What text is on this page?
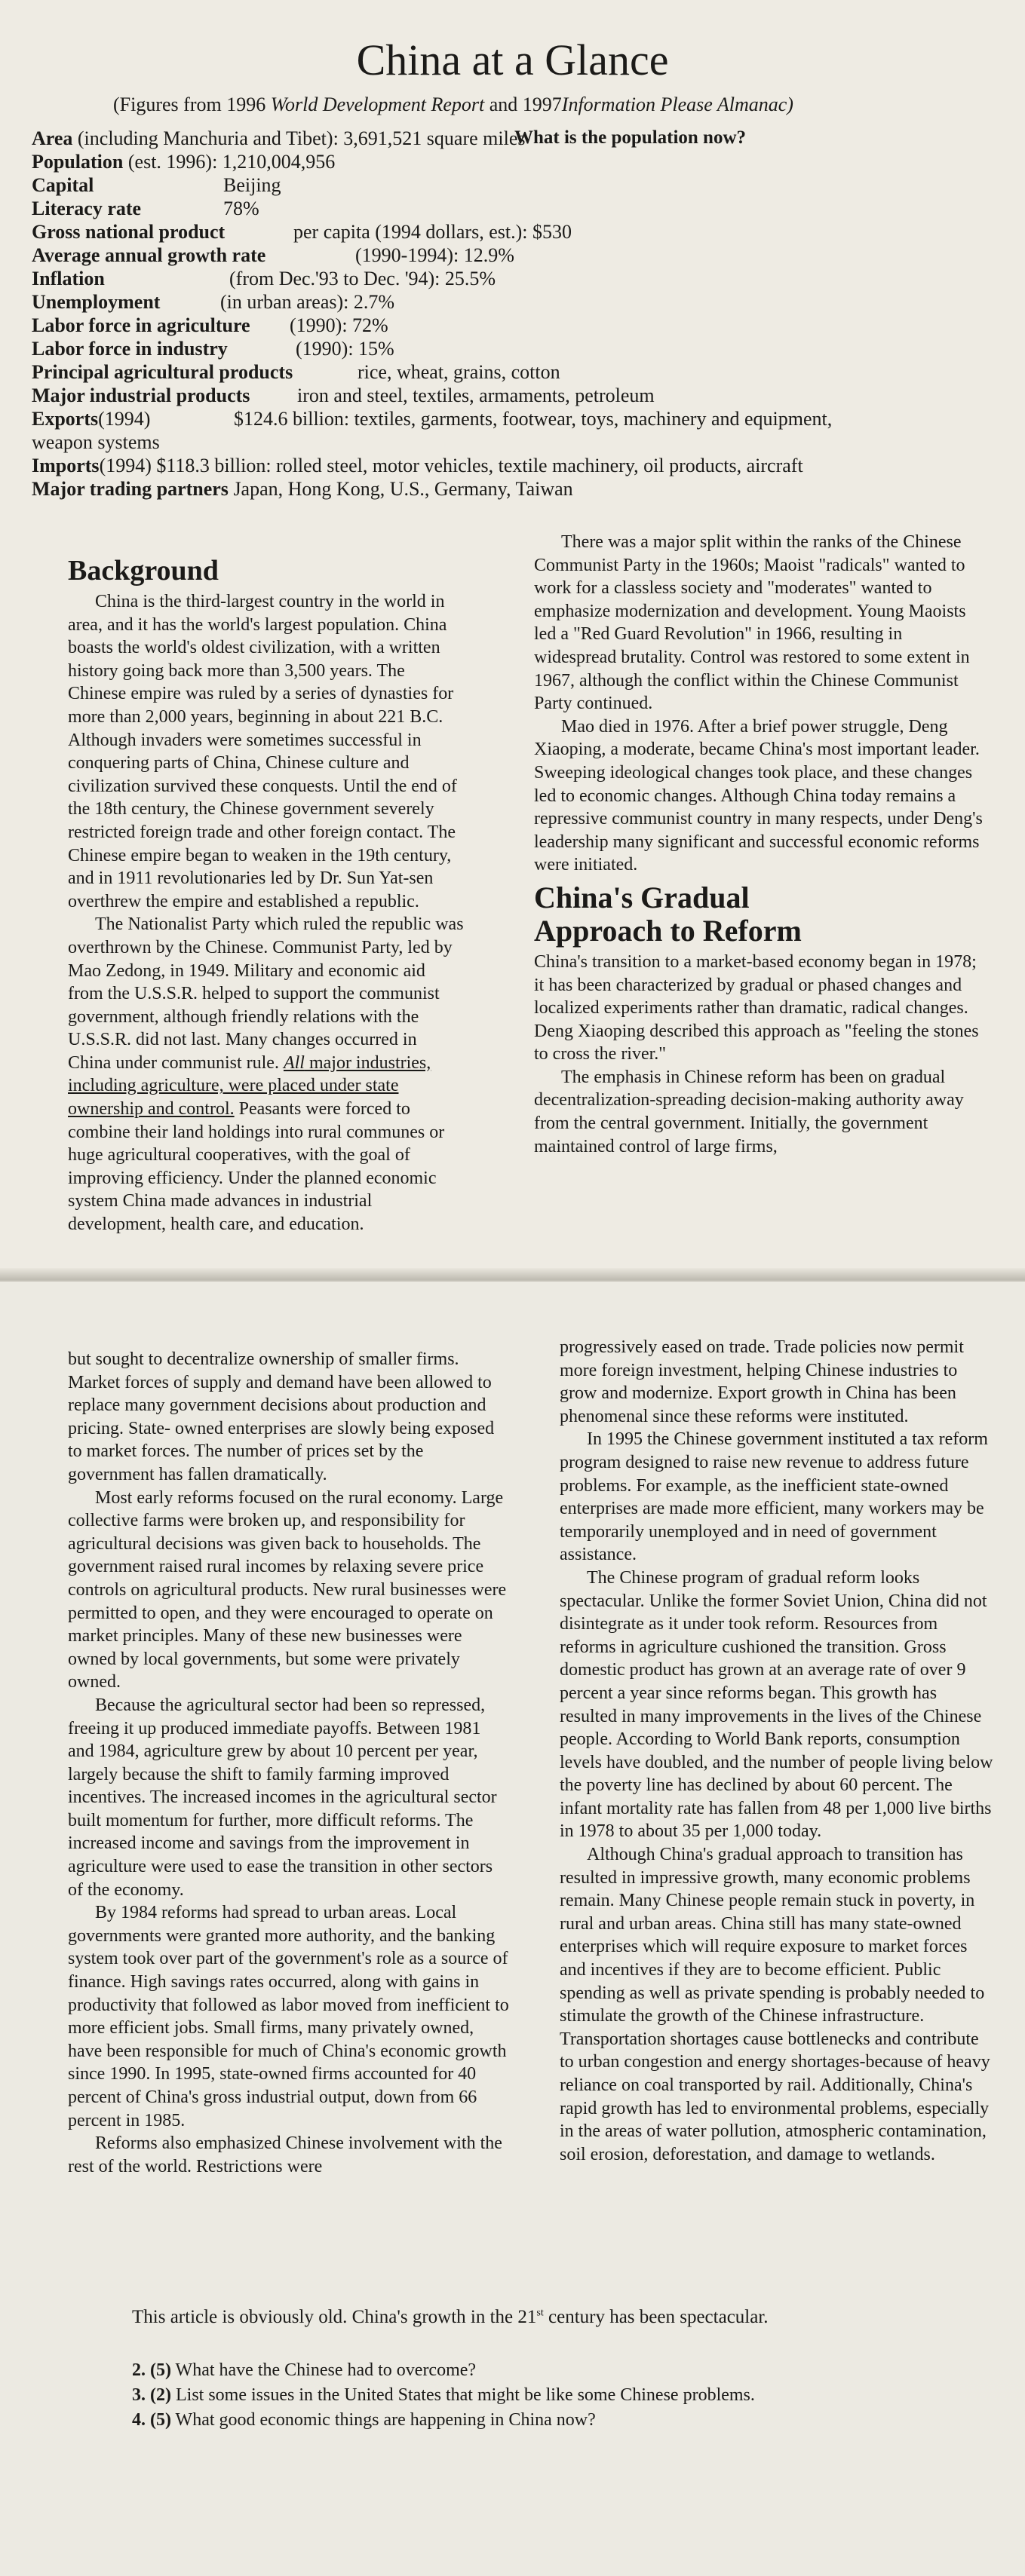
China at a Glance

(Figures from 1996 World Development Report and 1997Information Please Almanac)

Area (including Manchuria and Tibet): 3,691,521 square miles
Population (est. 1996): 1,210,004,956
What is the population now?
Capital	Beijing
Literacy rate	78%
Gross national product	per capita (1994 dollars, est.): $530
Average annual growth rate	(1990-1994): 12.9%
Inflation	(from Dec.'93 to Dec. '94): 25.5%
Unemployment	(in urban areas): 2.7%
Labor force in agriculture (1990): 72%
Labor force in industry	(1990): 15%
Principal agricultural products	rice, wheat, grains, cotton
Major industrial products iron and steel, textiles, armaments, petroleum
Exports(1994)	$124.6 billion: textiles, garments, footwear, toys, machinery and equipment,
weapon systems
Imports(1994) $118.3 billion: rolled steel, motor vehicles, textile machinery, oil products, aircraft
Major trading partners Japan, Hong Kong, U.S., Germany, Taiwan
Background

China is the third-largest country in the world in area, and it has the world's largest population. China boasts the world's oldest civilization, with a written history going back more than 3,500 years. The Chinese empire was ruled by a series of dynasties for more than 2,000 years, beginning in about 221 B.C. Although invaders were sometimes successful in conquering parts of China, Chinese culture and civilization survived these conquests. Until the end of the 18th century, the Chinese government severely restricted foreign trade and other foreign contact. The Chinese empire began to weaken in the 19th century, and in 1911 revolutionaries led by Dr. Sun Yat-sen overthrew the empire and established a republic.

The Nationalist Party which ruled the republic was overthrown by the Chinese. Communist Party, led by Mao Zedong, in 1949. Military and economic aid from the U.S.S.R. helped to support the communist government, although friendly relations with the U.S.S.R. did not last. Many changes occurred in China under communist rule. All major industries, including agriculture, were placed under state ownership and control. Peasants were forced to combine their land holdings into rural communes or huge agricultural cooperatives, with the goal of improving efficiency. Under the planned economic system China made advances in industrial development, health care, and education.

There was a major split within the ranks of the Chinese Communist Party in the 1960s; Maoist "radicals" wanted to work for a classless society and "moderates" wanted to emphasize modernization and development. Young Maoists led a "Red Guard Revolution" in 1966, resulting in widespread brutality. Control was restored to some extent in 1967, although the conflict within the Chinese Communist Party continued.

Mao died in 1976. After a brief power struggle, Deng Xiaoping, a moderate, became China's most important leader. Sweeping ideological changes took place, and these changes led to economic changes. Although China today remains a repressive communist country in many respects, under Deng's leadership many significant and successful economic reforms were initiated.

China's Gradual Approach to Reform

China's transition to a market-based economy began in 1978; it has been characterized by gradual or phased changes and localized experiments rather than dramatic, radical changes. Deng Xiaoping described this approach as "feeling the stones to cross the river."

The emphasis in Chinese reform has been on gradual decentralization-spreading decision-making authority away from the central government. Initially, the government maintained control of large firms,

but sought to decentralize ownership of smaller firms. Market forces of supply and demand have been allowed to replace many government decisions about production and pricing. State- owned enterprises are slowly being exposed to market forces. The number of prices set by the government has fallen dramatically.

Most early reforms focused on the rural economy. Large collective farms were broken up, and responsibility for agricultural decisions was given back to households. The government raised rural incomes by relaxing severe price controls on agricultural products. New rural businesses were permitted to open, and they were encouraged to operate on market principles. Many of these new businesses were owned by local governments, but some were privately owned.

Because the agricultural sector had been so repressed, freeing it up produced immediate payoffs. Between 1981 and 1984, agriculture grew by about 10 percent per year, largely because the shift to family farming improved incentives. The increased incomes in the agricultural sector built momentum for further, more difficult reforms. The increased income and savings from the improvement in agriculture were used to ease the transition in other sectors of the economy.

By 1984 reforms had spread to urban areas. Local governments were granted more authority, and the banking system took over part of the government's role as a source of finance. High savings rates occurred, along with gains in productivity that followed as labor moved from inefficient to more efficient jobs. Small firms, many privately owned, have been responsible for much of China's economic growth since 1990. In 1995, state-owned firms accounted for 40 percent of China's gross industrial output, down from 66 percent in 1985.

Reforms also emphasized Chinese involvement with the rest of the world. Restrictions were

progressively eased on trade. Trade policies now permit more foreign investment, helping Chinese industries to grow and modernize. Export growth in China has been phenomenal since these reforms were instituted.

In 1995 the Chinese government instituted a tax reform program designed to raise new revenue to address future problems. For example, as the inefficient state-owned enterprises are made more efficient, many workers may be temporarily unemployed and in need of government assistance.

The Chinese program of gradual reform looks spectacular. Unlike the former Soviet Union, China did not disintegrate as it under took reform. Resources from reforms in agriculture cushioned the transition. Gross domestic product has grown at an average rate of over 9 percent a year since reforms began. This growth has resulted in many improvements in the lives of the Chinese people. According to World Bank reports, consumption levels have doubled, and the number of people living below the poverty line has declined by about 60 percent. The infant mortality rate has fallen from 48 per 1,000 live births in 1978 to about 35 per 1,000 today.

Although China's gradual approach to transition has resulted in impressive growth, many economic problems remain. Many Chinese people remain stuck in poverty, in rural and urban areas. China still has many state-owned enterprises which will require exposure to market forces and incentives if they are to become efficient. Public spending as well as private spending is probably needed to stimulate the growth of the Chinese infrastructure. Transportation shortages cause bottlenecks and contribute to urban congestion and energy shortages-because of heavy reliance on coal transported by rail. Additionally, China's rapid growth has led to environmental problems, especially in the areas of water pollution, atmospheric contamination, soil erosion, deforestation, and damage to wetlands.

This article is obviously old. China's growth in the 21st century has been spectacular.
2. (5) What have the Chinese had to overcome?
3. (2) List some issues in the United States that might be like some Chinese problems.
4. (5) What good economic things are happening in China now?
